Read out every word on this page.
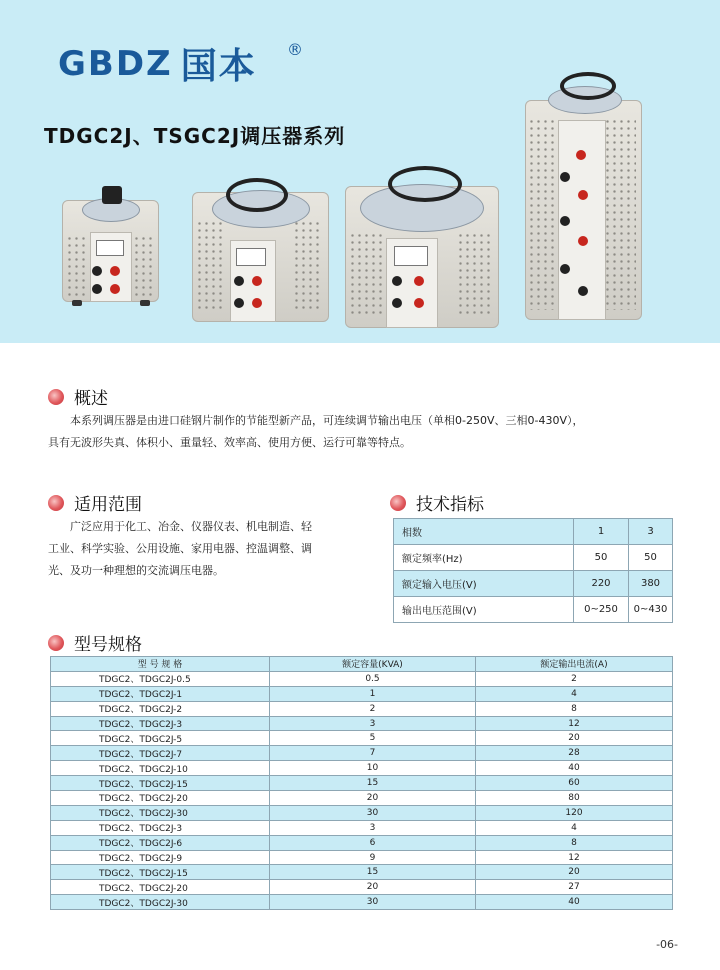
GBDZ 国本 ®
TDGC2J、TSGC2J调压器系列
概述
本系列调压器是由进口硅钢片制作的节能型新产品，可连续调节输出电压（单相0-250V、三相0-430V），
具有无波形失真、体积小、重量轻、效率高、使用方便、运行可靠等特点。
适用范围
广泛应用于化工、冶金、仪器仪表、机电制造、轻
工业、科学实验、公用设施、家用电器、控温调整、调
光、及功一种理想的交流调压电器。
技术指标
相数	1	3
额定频率(Hz)	50	50
额定输入电压(V)	220	380
输出电压范围(V)	0~250	0~430
型号规格
型 号 规 格	额定容量(KVA)	额定输出电流(A)
TDGC2、TDGC2J-0.5	0.5	2
TDGC2、TDGC2J-1	1	4
TDGC2、TDGC2J-2	2	8
TDGC2、TDGC2J-3	3	12
TDGC2、TDGC2J-5	5	20
TDGC2、TDGC2J-7	7	28
TDGC2、TDGC2J-10	10	40
TDGC2、TDGC2J-15	15	60
TDGC2、TDGC2J-20	20	80
TDGC2、TDGC2J-30	30	120
TDGC2、TDGC2J-3	3	4
TDGC2、TDGC2J-6	6	8
TDGC2、TDGC2J-9	9	12
TDGC2、TDGC2J-15	15	20
TDGC2、TDGC2J-20	20	27
TDGC2、TDGC2J-30	30	40
-06-
